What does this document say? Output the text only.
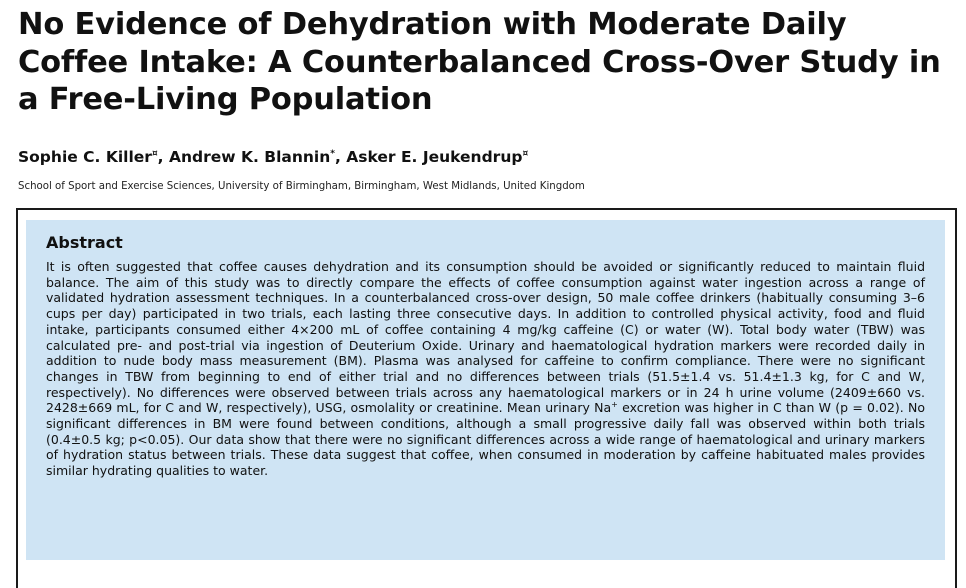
No Evidence of Dehydration with Moderate Daily Coffee Intake: A Counterbalanced Cross-Over Study in a Free-Living Population

Sophie C. Killer¤, Andrew K. Blannin*, Asker E. Jeukendrup¤

School of Sport and Exercise Sciences, University of Birmingham, Birmingham, West Midlands, United Kingdom

Abstract

It is often suggested that coffee causes dehydration and its consumption should be avoided or significantly reduced to maintain fluid balance. The aim of this study was to directly compare the effects of coffee consumption against water ingestion across a range of validated hydration assessment techniques. In a counterbalanced cross-over design, 50 male coffee drinkers (habitually consuming 3–6 cups per day) participated in two trials, each lasting three consecutive days. In addition to controlled physical activity, food and fluid intake, participants consumed either 4×200 mL of coffee containing 4 mg/kg caffeine (C) or water (W). Total body water (TBW) was calculated pre- and post-trial via ingestion of Deuterium Oxide. Urinary and haematological hydration markers were recorded daily in addition to nude body mass measurement (BM). Plasma was analysed for caffeine to confirm compliance. There were no significant changes in TBW from beginning to end of either trial and no differences between trials (51.5±1.4 vs. 51.4±1.3 kg, for C and W, respectively). No differences were observed between trials across any haematological markers or in 24 h urine volume (2409±660 vs. 2428±669 mL, for C and W, respectively), USG, osmolality or creatinine. Mean urinary Na+ excretion was higher in C than W (p = 0.02). No significant differences in BM were found between conditions, although a small progressive daily fall was observed within both trials (0.4±0.5 kg; p<0.05). Our data show that there were no significant differences across a wide range of haematological and urinary markers of hydration status between trials. These data suggest that coffee, when consumed in moderation by caffeine habituated males provides similar hydrating qualities to water.
